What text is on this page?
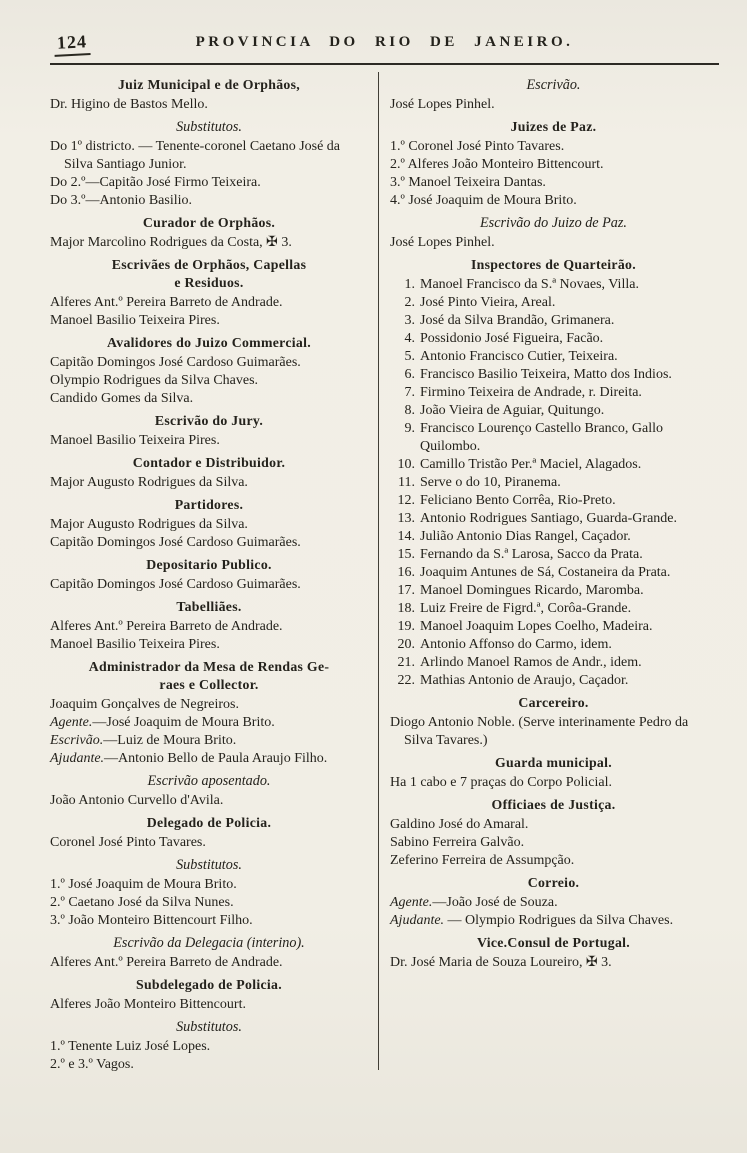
124	PROVINCIA DO RIO DE JANEIRO.
Juiz Municipal e de Orphãos,
Dr. Higino de Bastos Mello.
Substitutos.
Do 1º districto. — Tenente-coronel Caetano José da Silva Santiago Junior.
Do 2.º—Capitão José Firmo Teixeira.
Do 3.º—Antonio Basilio.
Curador de Orphãos.
Major Marcolino Rodrigues da Costa, ✠ 3.
Escrivães de Orphãos, Capellas
e Residuos.
Alferes Ant.º Pereira Barreto de Andrade.
Manoel Basilio Teixeira Pires.
Avalidores do Juizo Commercial.
Capitão Domingos José Cardoso Guimarães.
Olympio Rodrigues da Silva Chaves.
Candido Gomes da Silva.
Escrivão do Jury.
Manoel Basilio Teixeira Pires.
Contador e Distribuidor.
Major Augusto Rodrigues da Silva.
Partidores.
Major Augusto Rodrigues da Silva.
Capitão Domingos José Cardoso Guimarães.
Depositario Publico.
Capitão Domingos José Cardoso Guimarães.
Tabelliães.
Alferes Ant.º Pereira Barreto de Andrade.
Manoel Basilio Teixeira Pires.
Administrador da Mesa de Rendas Ge-
raes e Collector.
Joaquim Gonçalves de Negreiros.
Agente.—José Joaquim de Moura Brito.
Escrivão.—Luiz de Moura Brito.
Ajudante.—Antonio Bello de Paula Araujo Filho.
Escrivão aposentado.
João Antonio Curvello d'Avila.
Delegado de Policia.
Coronel José Pinto Tavares.
Substitutos.
1.º José Joaquim de Moura Brito.
2.º Caetano José da Silva Nunes.
3.º João Monteiro Bittencourt Filho.
Escrivão da Delegacia (interino).
Alferes Ant.º Pereira Barreto de Andrade.
Subdelegado de Policia.
Alferes João Monteiro Bittencourt.
Substitutos.
1.º Tenente Luiz José Lopes.
2.º e 3.º Vagos.
Escrivão.
José Lopes Pinhel.
Juizes de Paz.
1.º Coronel José Pinto Tavares.
2.º Alferes João Monteiro Bittencourt.
3.º Manoel Teixeira Dantas.
4.º José Joaquim de Moura Brito.
Escrivão do Juizo de Paz.
José Lopes Pinhel.
Inspectores de Quarteirão.
1. Manoel Francisco da S.ª Novaes, Villa.
2. José Pinto Vieira, Areal.
3. José da Silva Brandão, Grimanera.
4. Possidonio José Figueira, Facão.
5. Antonio Francisco Cutier, Teixeira.
6. Francisco Basilio Teixeira, Matto dos Indios.
7. Firmino Teixeira de Andrade, r. Direita.
8. João Vieira de Aguiar, Quitungo.
9. Francisco Lourenço Castello Branco, Gallo Quilombo.
10. Camillo Tristão Per.ª Maciel, Alagados.
11. Serve o do 10, Piranema.
12. Feliciano Bento Corrêa, Rio-Preto.
13. Antonio Rodrigues Santiago, Guarda-Grande.
14. Julião Antonio Dias Rangel, Caçador.
15. Fernando da S.ª Larosa, Sacco da Prata.
16. Joaquim Antunes de Sá, Costaneira da Prata.
17. Manoel Domingues Ricardo, Maromba.
18. Luiz Freire de Figrd.ª, Corôa-Grande.
19. Manoel Joaquim Lopes Coelho, Madeira.
20. Antonio Affonso do Carmo, idem.
21. Arlindo Manoel Ramos de Andr., idem.
22. Mathias Antonio de Araujo, Caçador.
Carcereiro.
Diogo Antonio Noble. (Serve interinamente Pedro da Silva Tavares.)
Guarda municipal.
Ha 1 cabo e 7 praças do Corpo Policial.
Officiaes de Justiça.
Galdino José do Amaral.
Sabino Ferreira Galvão.
Zeferino Ferreira de Assumpção.
Correio.
Agente.—João José de Souza.
Ajudante. — Olympio Rodrigues da Silva Chaves.
Vice.Consul de Portugal.
Dr. José Maria de Souza Loureiro, ✠ 3.
